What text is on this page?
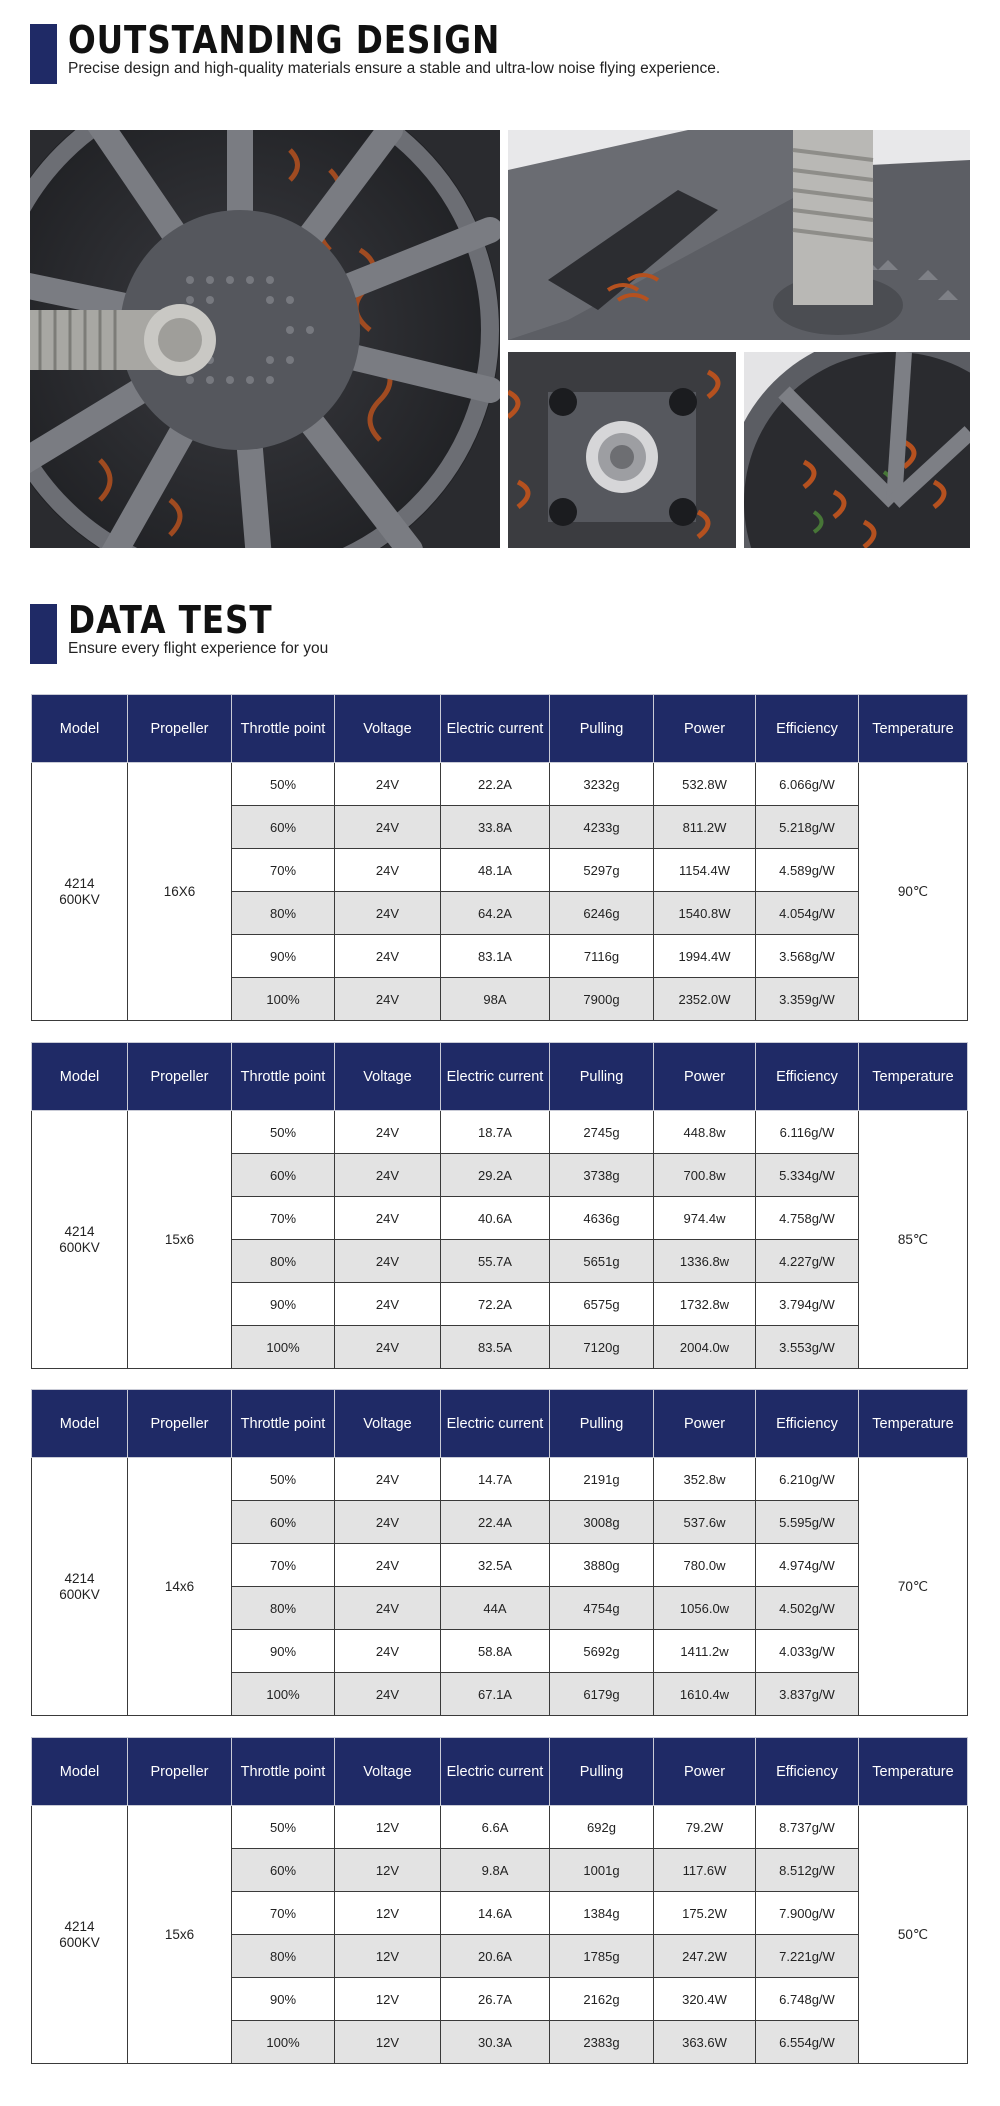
OUTSTANDING DESIGN
Precise design and high-quality materials ensure a stable and ultra-low noise flying experience.
DATA TEST
Ensure every flight experience for you
Model	Propeller	Throttle point	Voltage	Electric current	Pulling	Power	Efficiency	Temperature

4214
600KV	16X6	50%	24V	22.2A	3232g	532.8W	6.066g/W	90℃
		60%	24V	33.8A	4233g	811.2W	5.218g/W	
		70%	24V	48.1A	5297g	1154.4W	4.589g/W	
		80%	24V	64.2A	6246g	1540.8W	4.054g/W	
		90%	24V	83.1A	7116g	1994.4W	3.568g/W	
		100%	24V	98A	7900g	2352.0W	3.359g/W	
Model	Propeller	Throttle point	Voltage	Electric current	Pulling	Power	Efficiency	Temperature

4214
600KV	15x6	50%	24V	18.7A	2745g	448.8w	6.116g/W	85℃
		60%	24V	29.2A	3738g	700.8w	5.334g/W	
		70%	24V	40.6A	4636g	974.4w	4.758g/W	
		80%	24V	55.7A	5651g	1336.8w	4.227g/W	
		90%	24V	72.2A	6575g	1732.8w	3.794g/W	
		100%	24V	83.5A	7120g	2004.0w	3.553g/W	
Model	Propeller	Throttle point	Voltage	Electric current	Pulling	Power	Efficiency	Temperature

4214
600KV	14x6	50%	24V	14.7A	2191g	352.8w	6.210g/W	70℃
		60%	24V	22.4A	3008g	537.6w	5.595g/W	
		70%	24V	32.5A	3880g	780.0w	4.974g/W	
		80%	24V	44A	4754g	1056.0w	4.502g/W	
		90%	24V	58.8A	5692g	1411.2w	4.033g/W	
		100%	24V	67.1A	6179g	1610.4w	3.837g/W	
Model	Propeller	Throttle point	Voltage	Electric current	Pulling	Power	Efficiency	Temperature

4214
600KV	15x6	50%	12V	6.6A	692g	79.2W	8.737g/W	50℃
		60%	12V	9.8A	1001g	117.6W	8.512g/W	
		70%	12V	14.6A	1384g	175.2W	7.900g/W	
		80%	12V	20.6A	1785g	247.2W	7.221g/W	
		90%	12V	26.7A	2162g	320.4W	6.748g/W	
		100%	12V	30.3A	2383g	363.6W	6.554g/W	
